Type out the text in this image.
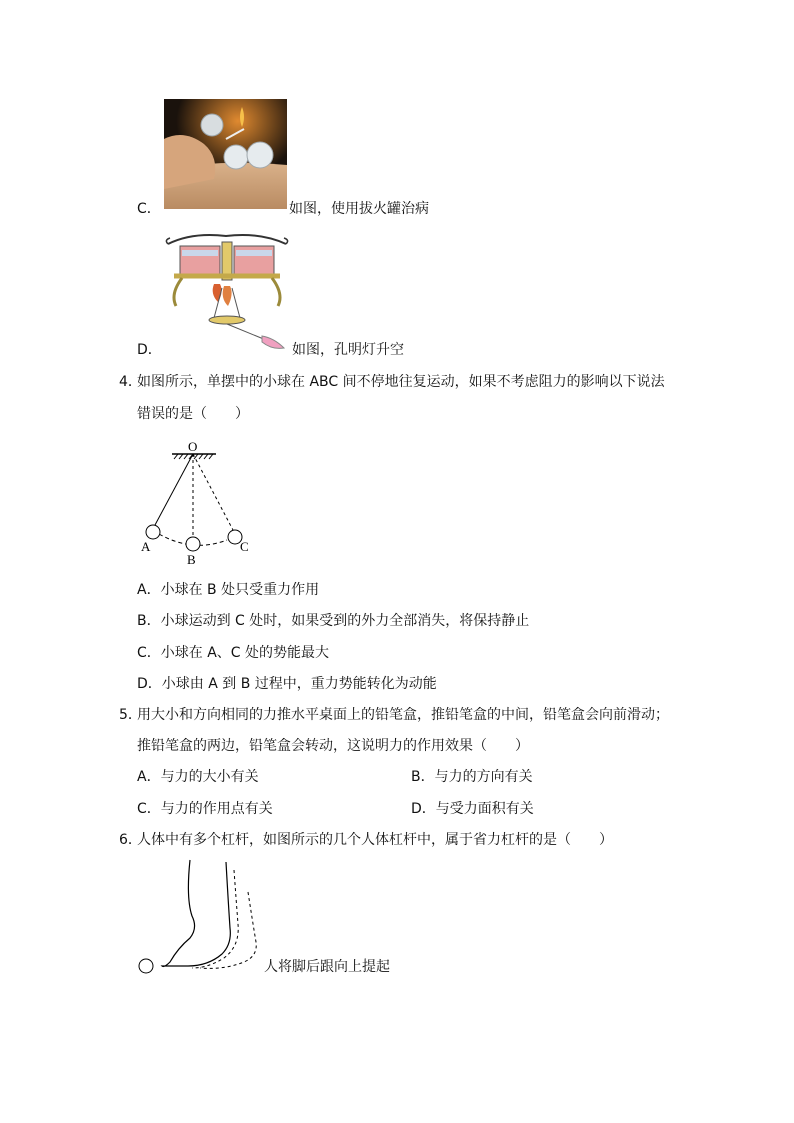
C．	如图，使用拔火罐治病
D．	如图，孔明灯升空
4．
如图所示，单摆中的小球在 ABC 间不停地往复运动，如果不考虑阻力的影响以下说法
错误的是（　　）
O
A
B
C
A．小球在 B 处只受重力作用
B．小球运动到 C 处时，如果受到的外力全部消失，将保持静止
C．小球在 A、C 处的势能最大
D．小球由 A 到 B 过程中，重力势能转化为动能
5．
用大小和方向相同的力推水平桌面上的铅笔盒，推铅笔盒的中间，铅笔盒会向前滑动；
推铅笔盒的两边，铅笔盒会转动，这说明力的作用效果（　　）
A．与力的大小有关	B．与力的方向有关
C．与力的作用点有关	D．与受力面积有关
6．
人体中有多个杠杆，如图所示的几个人体杠杆中，属于省力杠杆的是（　　）
人将脚后跟向上提起
